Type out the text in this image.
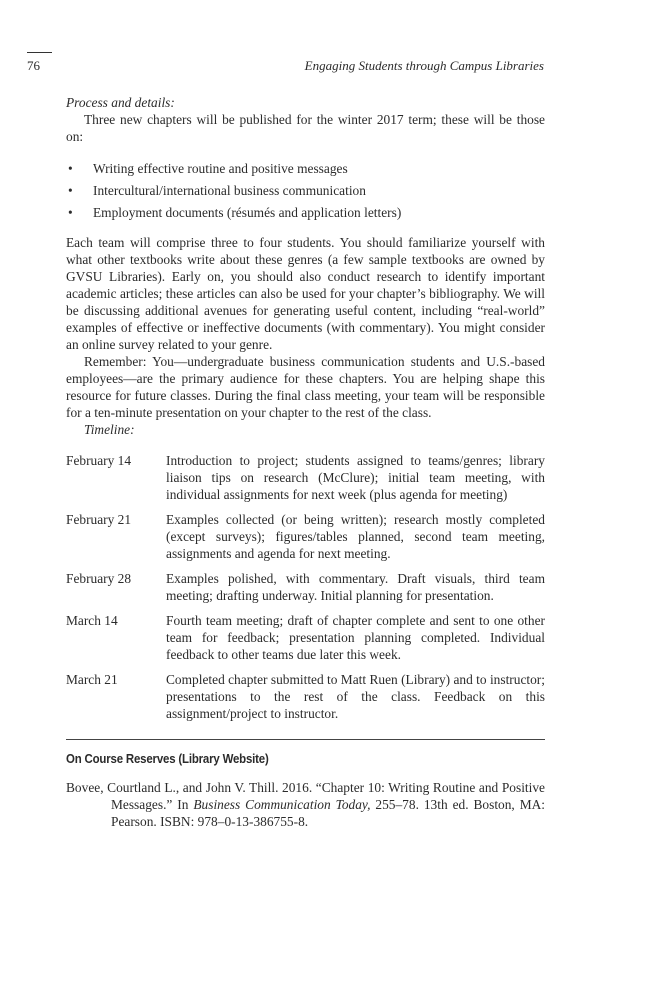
76	Engaging Students through Campus Libraries

Process and details:

Three new chapters will be published for the winter 2017 term; these will be those on:

• Writing effective routine and positive messages
• Intercultural/international business communication
• Employment documents (résumés and application letters)

Each team will comprise three to four students. You should familiarize yourself with what other textbooks write about these genres (a few sample textbooks are owned by GVSU Libraries). Early on, you should also conduct research to identify important academic articles; these articles can also be used for your chapter’s bibliography. We will be discussing additional avenues for generating useful content, including “real-world” examples of effective or ineffective documents (with commentary). You might consider an online survey related to your genre.

Remember: You—undergraduate business communication students and U.S.-based employees—are the primary audience for these chapters. You are helping shape this resource for future classes. During the final class meeting, your team will be responsible for a ten-minute presentation on your chapter to the rest of the class.

Timeline:

February 14	Introduction to project; students assigned to teams/genres; library liaison tips on research (McClure); initial team meeting, with individual assignments for next week (plus agenda for meeting)
February 21	Examples collected (or being written); research mostly completed (except surveys); figures/tables planned, second team meeting, assignments and agenda for next meeting.
February 28	Examples polished, with commentary. Draft visuals, third team meeting; drafting underway. Initial planning for presentation.
March 14	Fourth team meeting; draft of chapter complete and sent to one other team for feedback; presentation planning completed. Individual feedback to other teams due later this week.
March 21	Completed chapter submitted to Matt Ruen (Library) and to instructor; presentations to the rest of the class. Feedback on this assignment/project to instructor.
On Course Reserves (Library Website)

Bovee, Courtland L., and John V. Thill. 2016. “Chapter 10: Writing Routine and Positive Messages.” In Business Communication Today, 255–78. 13th ed. Boston, MA: Pearson. ISBN: 978–0-13-386755-8.
